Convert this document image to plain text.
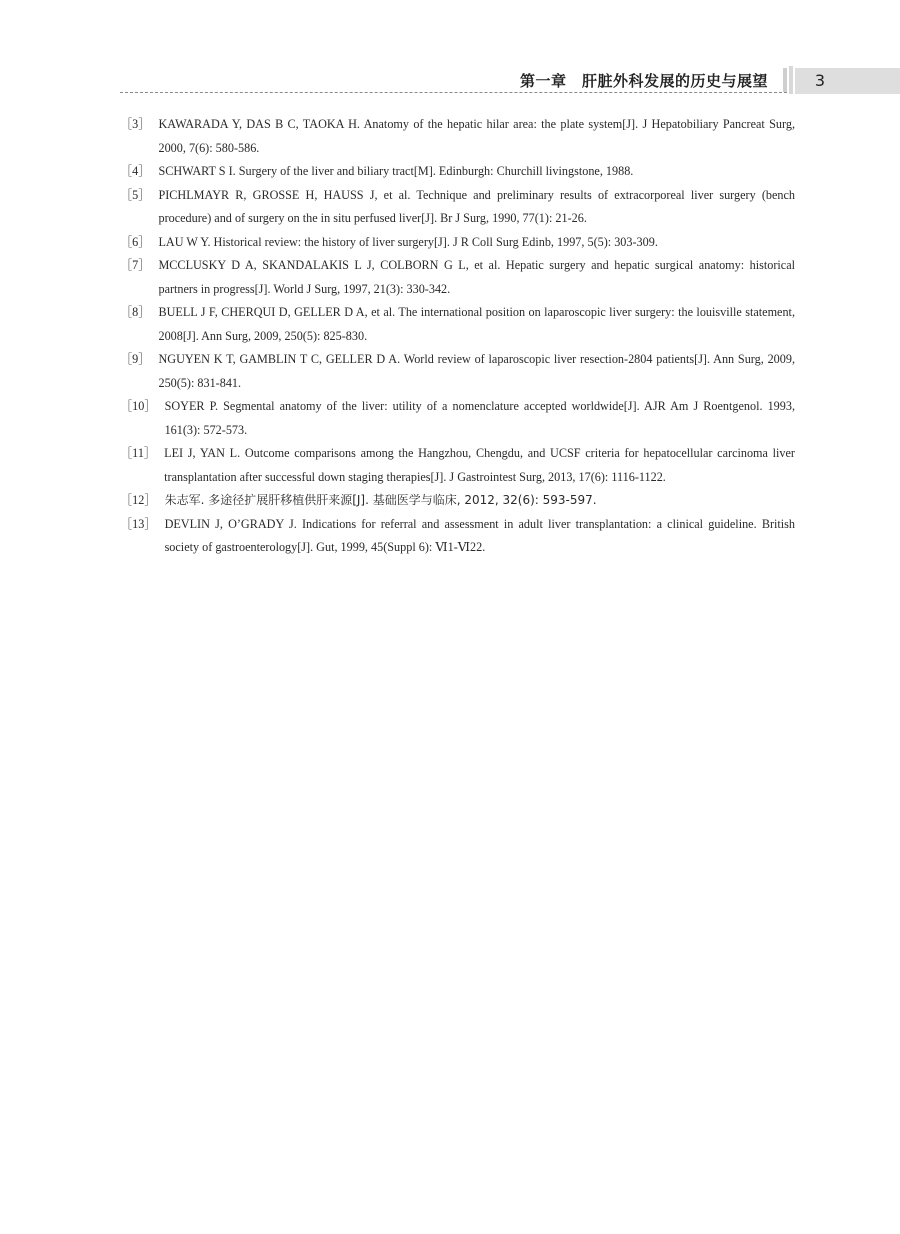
第一章　肝脏外科发展的历史与展望	3
［3］ KAWARADA Y, DAS B C, TAOKA H. Anatomy of the hepatic hilar area: the plate system[J]. J Hepatobiliary Pancreat Surg, 2000, 7(6): 580-586.
［4］ SCHWART S I. Surgery of the liver and biliary tract[M]. Edinburgh: Churchill livingstone, 1988.
［5］ PICHLMAYR R, GROSSE H, HAUSS J, et al. Technique and preliminary results of extracorporeal liver surgery (bench procedure) and of surgery on the in situ perfused liver[J]. Br J Surg, 1990, 77(1): 21-26.
［6］ LAU W Y. Historical review: the history of liver surgery[J]. J R Coll Surg Edinb, 1997, 5(5): 303-309.
［7］ MCCLUSKY D A, SKANDALAKIS L J, COLBORN G L, et al. Hepatic surgery and hepatic surgical anatomy: historical partners in progress[J]. World J Surg, 1997, 21(3): 330-342.
［8］ BUELL J F, CHERQUI D, GELLER D A, et al. The international position on laparoscopic liver surgery: the louisville statement, 2008[J]. Ann Surg, 2009, 250(5): 825-830.
［9］ NGUYEN K T, GAMBLIN T C, GELLER D A. World review of laparoscopic liver resection-2804 patients[J]. Ann Surg, 2009, 250(5): 831-841.
［10］ SOYER P. Segmental anatomy of the liver: utility of a nomenclature accepted worldwide[J]. AJR Am J Roentgenol. 1993, 161(3): 572-573.
［11］ LEI J, YAN L. Outcome comparisons among the Hangzhou, Chengdu, and UCSF criteria for hepatocellular carcinoma liver transplantation after successful down staging therapies[J]. J Gastrointest Surg, 2013, 17(6): 1116-1122.
［12］ 朱志军. 多途径扩展肝移植供肝来源[J]. 基础医学与临床, 2012, 32(6): 593-597.
［13］ DEVLIN J, O’GRADY J. Indications for referral and assessment in adult liver transplantation: a clinical guideline. British society of gastroenterology[J]. Gut, 1999, 45(Suppl 6): Ⅵ1-Ⅵ22.
